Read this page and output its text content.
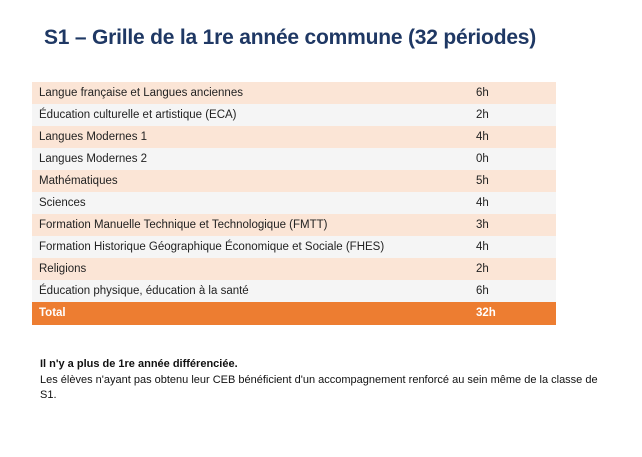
S1 – Grille de la 1re année commune (32 périodes)
Langue française et Langues anciennes	6h
Éducation culturelle et artistique (ECA)	2h
Langues Modernes 1	4h
Langues Modernes 2	0h
Mathématiques	5h
Sciences	4h
Formation Manuelle Technique et Technologique (FMTT)	3h
Formation Historique Géographique Économique et Sociale (FHES)	4h
Religions	2h
Éducation physique, éducation à la santé	6h
Total	32h
Il n'y a plus de 1re année différenciée.
Les élèves n'ayant pas obtenu leur CEB bénéficient d'un accompagnement renforcé au sein même de la classe de S1.
